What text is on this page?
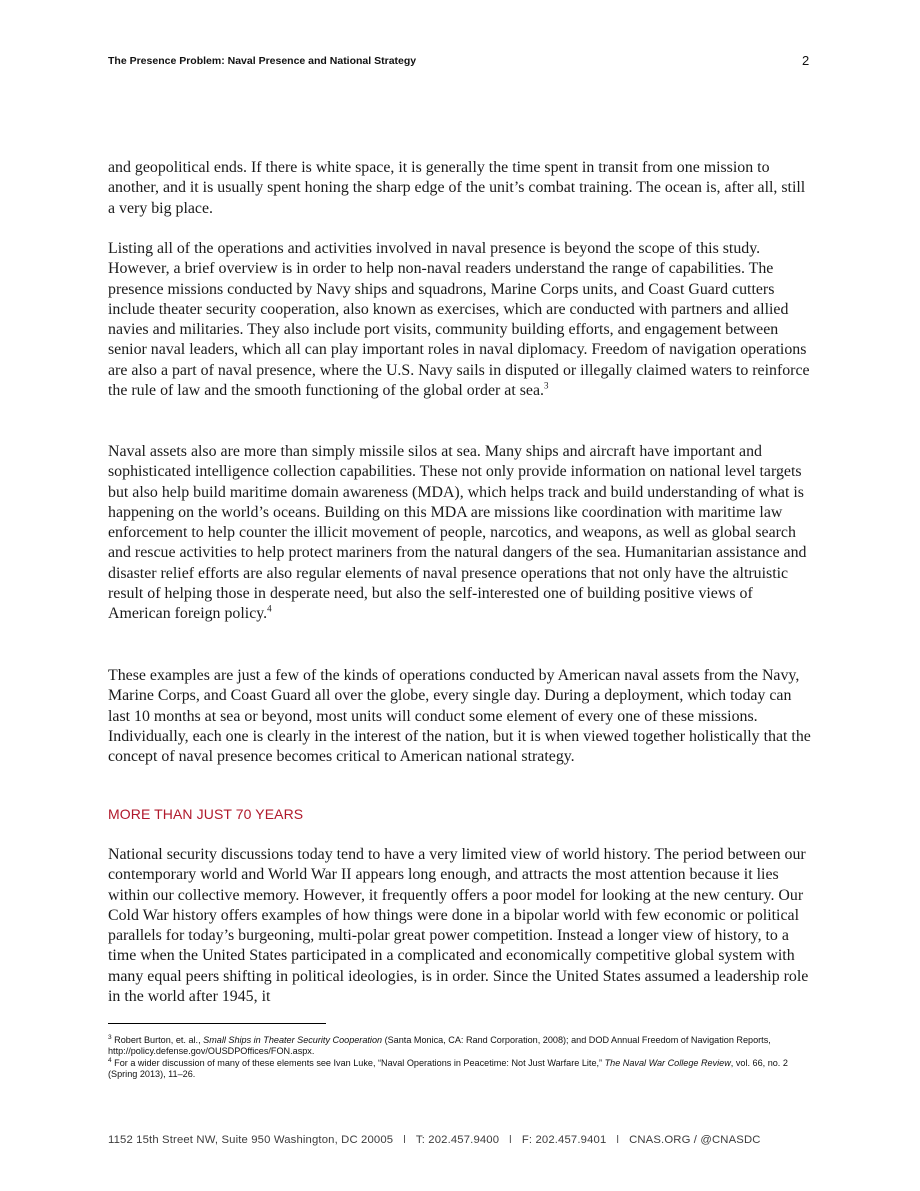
The Presence Problem: Naval Presence and National Strategy	2

and geopolitical ends. If there is white space, it is generally the time spent in transit from one mission to another, and it is usually spent honing the sharp edge of the unit’s combat training. The ocean is, after all, still a very big place.

Listing all of the operations and activities involved in naval presence is beyond the scope of this study. However, a brief overview is in order to help non-naval readers understand the range of capabilities. The presence missions conducted by Navy ships and squadrons, Marine Corps units, and Coast Guard cutters include theater security cooperation, also known as exercises, which are conducted with partners and allied navies and militaries. They also include port visits, community building efforts, and engagement between senior naval leaders, which all can play important roles in naval diplomacy. Freedom of navigation operations are also a part of naval presence, where the U.S. Navy sails in disputed or illegally claimed waters to reinforce the rule of law and the smooth functioning of the global order at sea.$^3$

Naval assets also are more than simply missile silos at sea. Many ships and aircraft have important and sophisticated intelligence collection capabilities. These not only provide information on national level targets but also help build maritime domain awareness (MDA), which helps track and build understanding of what is happening on the world’s oceans. Building on this MDA are missions like coordination with maritime law enforcement to help counter the illicit movement of people, narcotics, and weapons, as well as global search and rescue activities to help protect mariners from the natural dangers of the sea. Humanitarian assistance and disaster relief efforts are also regular elements of naval presence operations that not only have the altruistic result of helping those in desperate need, but also the self-interested one of building positive views of American foreign policy.$^4$

These examples are just a few of the kinds of operations conducted by American naval assets from the Navy, Marine Corps, and Coast Guard all over the globe, every single day. During a deployment, which today can last 10 months at sea or beyond, most units will conduct some element of every one of these missions. Individually, each one is clearly in the interest of the nation, but it is when viewed together holistically that the concept of naval presence becomes critical to American national strategy.

MORE THAN JUST 70 YEARS

National security discussions today tend to have a very limited view of world history. The period between our contemporary world and World War II appears long enough, and attracts the most attention because it lies within our collective memory. However, it frequently offers a poor model for looking at the new century. Our Cold War history offers examples of how things were done in a bipolar world with few economic or political parallels for today’s burgeoning, multi-polar great power competition. Instead a longer view of history, to a time when the United States participated in a complicated and economically competitive global system with many equal peers shifting in political ideologies, is in order. Since the United States assumed a leadership role in the world after 1945, it

$^3$ Robert Burton, et. al., Small Ships in Theater Security Cooperation (Santa Monica, CA: Rand Corporation, 2008); and DOD Annual Freedom of Navigation Reports, http://policy.defense.gov/OUSDPOffices/FON.aspx.

$^4$ For a wider discussion of many of these elements see Ivan Luke, “Naval Operations in Peacetime: Not Just Warfare Lite,” The Naval War College Review, vol. 66, no. 2 (Spring 2013), 11–26.

1152 15th Street NW, Suite 950 Washington, DC 20005 l T: 202.457.9400 l F: 202.457.9401 l CNAS.ORG / @CNASDC
